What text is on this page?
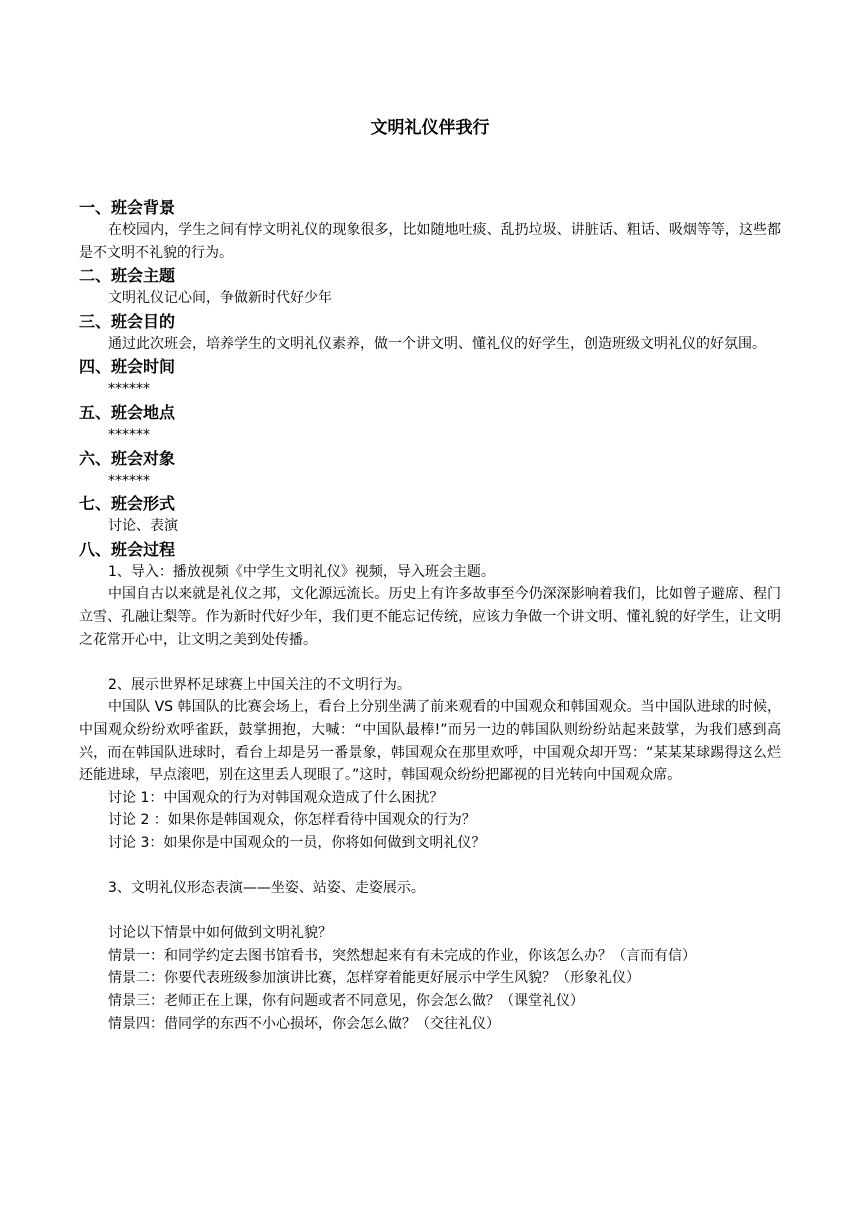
文明礼仪伴我行
一、班会背景
在校园内，学生之间有悖文明礼仪的现象很多，比如随地吐痰、乱扔垃圾、讲脏话、粗话、吸烟等等，这些都是不文明不礼貌的行为。
二、班会主题
文明礼仪记心间，争做新时代好少年
三、班会目的
通过此次班会，培养学生的文明礼仪素养，做一个讲文明、懂礼仪的好学生，创造班级文明礼仪的好氛围。
四、班会时间
******
五、班会地点
******
六、班会对象
******
七、班会形式
讨论、表演
八、班会过程
1、导入：播放视频《中学生文明礼仪》视频，导入班会主题。
中国自古以来就是礼仪之邦，文化源远流长。历史上有许多故事至今仍深深影响着我们，比如曾子避席、程门立雪、孔融让梨等。作为新时代好少年，我们更不能忘记传统，应该力争做一个讲文明、懂礼貌的好学生，让文明之花常开心中，让文明之美到处传播。
2、展示世界杯足球赛上中国关注的不文明行为。
中国队 VS 韩国队的比赛会场上，看台上分别坐满了前来观看的中国观众和韩国观众。当中国队进球的时候，中国观众纷纷欢呼雀跃，鼓掌拥抱，大喊：“中国队最棒!”而另一边的韩国队则纷纷站起来鼓掌，为我们感到高兴，而在韩国队进球时，看台上却是另一番景象，韩国观众在那里欢呼，中国观众却开骂：“某某某球踢得这么烂还能进球，早点滚吧，别在这里丢人现眼了。”这时，韩国观众纷纷把鄙视的目光转向中国观众席。
讨论 1：中国观众的行为对韩国观众造成了什么困扰？
讨论 2 ：如果你是韩国观众，你怎样看待中国观众的行为？
讨论 3：如果你是中国观众的一员，你将如何做到文明礼仪？
3、文明礼仪形态表演——坐姿、站姿、走姿展示。
讨论以下情景中如何做到文明礼貌？
情景一：和同学约定去图书馆看书，突然想起来有有未完成的作业，你该怎么办？（言而有信）
情景二：你要代表班级参加演讲比赛，怎样穿着能更好展示中学生风貌？（形象礼仪）
情景三：老师正在上课，你有问题或者不同意见，你会怎么做？（课堂礼仪）
情景四：借同学的东西不小心损坏，你会怎么做？（交往礼仪）
